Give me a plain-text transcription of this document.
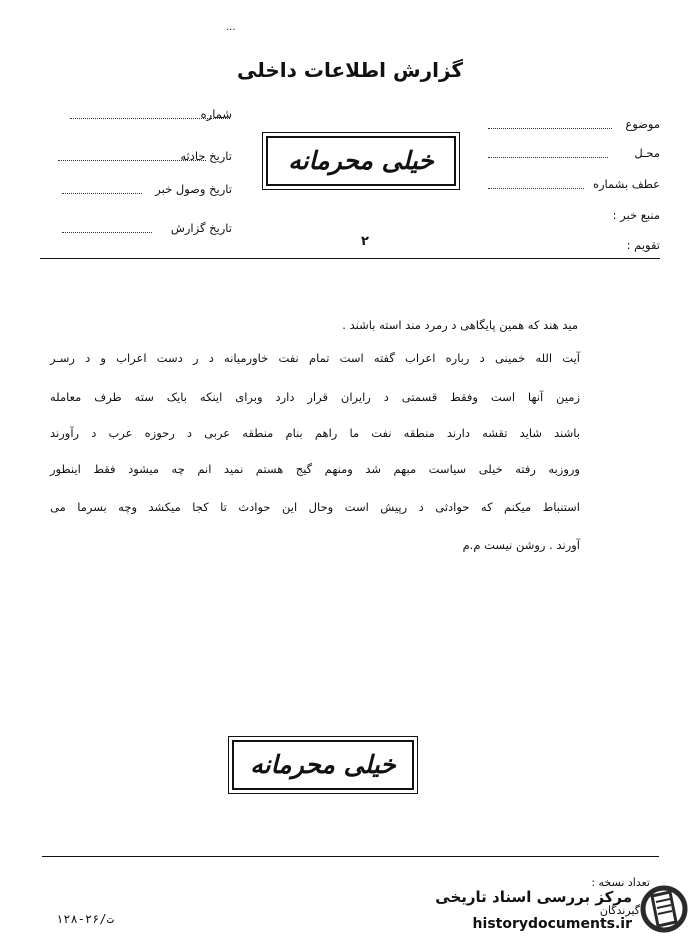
...
گزارش اطلاعات داخلی
شماره
تاریخ حادثه
تاریخ وصول خبر
تاریخ گزارش
موضوع
محـل
عطف بشماره
منبع خبر :
تقویم :
۲
خیلی محرمانه
مید هند که همین پایگاهی د رمرد مند استه باشند .
آیت الله خمینی د رباره اعراب گفته است تمام نفت خاورمیانه د ر دست اعراب و د رسـر
زمین آنها است وفقط قسمتی د رایران قرار دارد وبرای اینکه بایک سته طرف معامله
باشند شاید تقشه دارند منطقه نفت ما راهم بنام منطقه عربی د رحوزه عرب د رآورند
وروزبه رفته خیلی سیاست مبهم شد ومنهم گیج هستم نمید انم چه میشود فقط اینطور
استنباط میکنم که حوادثی د رپیش است وحال این حوادث تا کجا میکشد وچه بسرما می
آورند . روشن نیست م.م
خیلی محرمانه
تعداد نسخه :
گیرندگان
۱۲۸-۲۶/ت
مرکز بررسی اسناد تاریخی
historydocuments.ir
